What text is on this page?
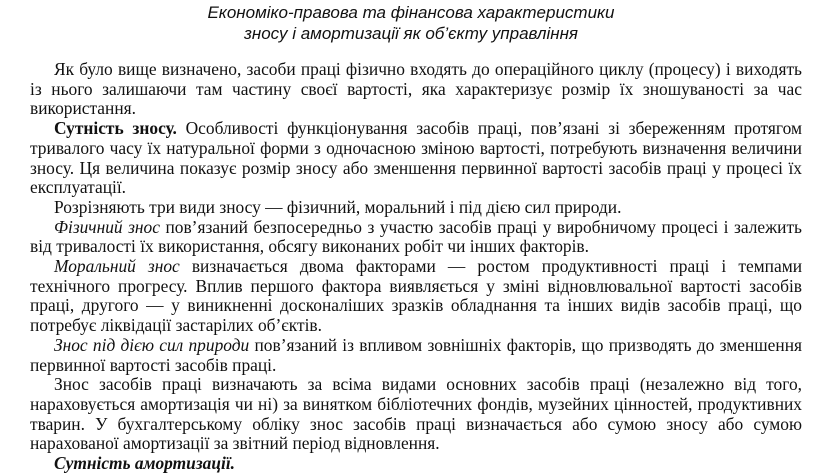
Економіко-правова та фінансова характеристики
зносу і амортизації як об’єкту управління

Як було вище визначено, засоби праці фізично входять до операційного циклу (процесу) і виходять із нього залишаючи там частину своєї вартості, яка характеризує розмір їх зношуваності за час використання.

Сутність зносу. Особливості функціонування засобів праці, пов’язані зі збереженням протягом тривалого часу їх натуральної форми з одночасною зміною вартості, потребують визначення величини зносу. Ця величина показує розмір зносу або зменшення первинної вартості засобів праці у процесі їх експлуатації.

Розрізняють три види зносу — фізичний, моральний і під дією сил природи.

Фізичний знос пов’язаний безпосередньо з участю засобів праці у виробничому процесі і залежить від тривалості їх використання, обсягу виконаних робіт чи інших факторів.

Моральний знос визначається двома факторами — ростом продуктивності праці і темпами технічного прогресу. Вплив першого фактора виявляється у зміні відновлювальної вартості засобів праці, другого — у виникненні досконаліших зразків обладнання та інших видів засобів праці, що потребує ліквідації застарілих об’єктів.

Знос під дією сил природи пов’язаний із впливом зовнішніх факторів, що призводять до зменшення первинної вартості засобів праці.

Знос засобів праці визначають за всіма видами основних засобів праці (незалежно від того, нараховується амортизація чи ні) за винятком бібліотечних фондів, музейних цінностей, продуктивних тварин. У бухгалтерському обліку знос засобів праці визначається або сумою зносу або сумою нарахованої амортизації за звітний період відновлення.

Сутність амортизації.
